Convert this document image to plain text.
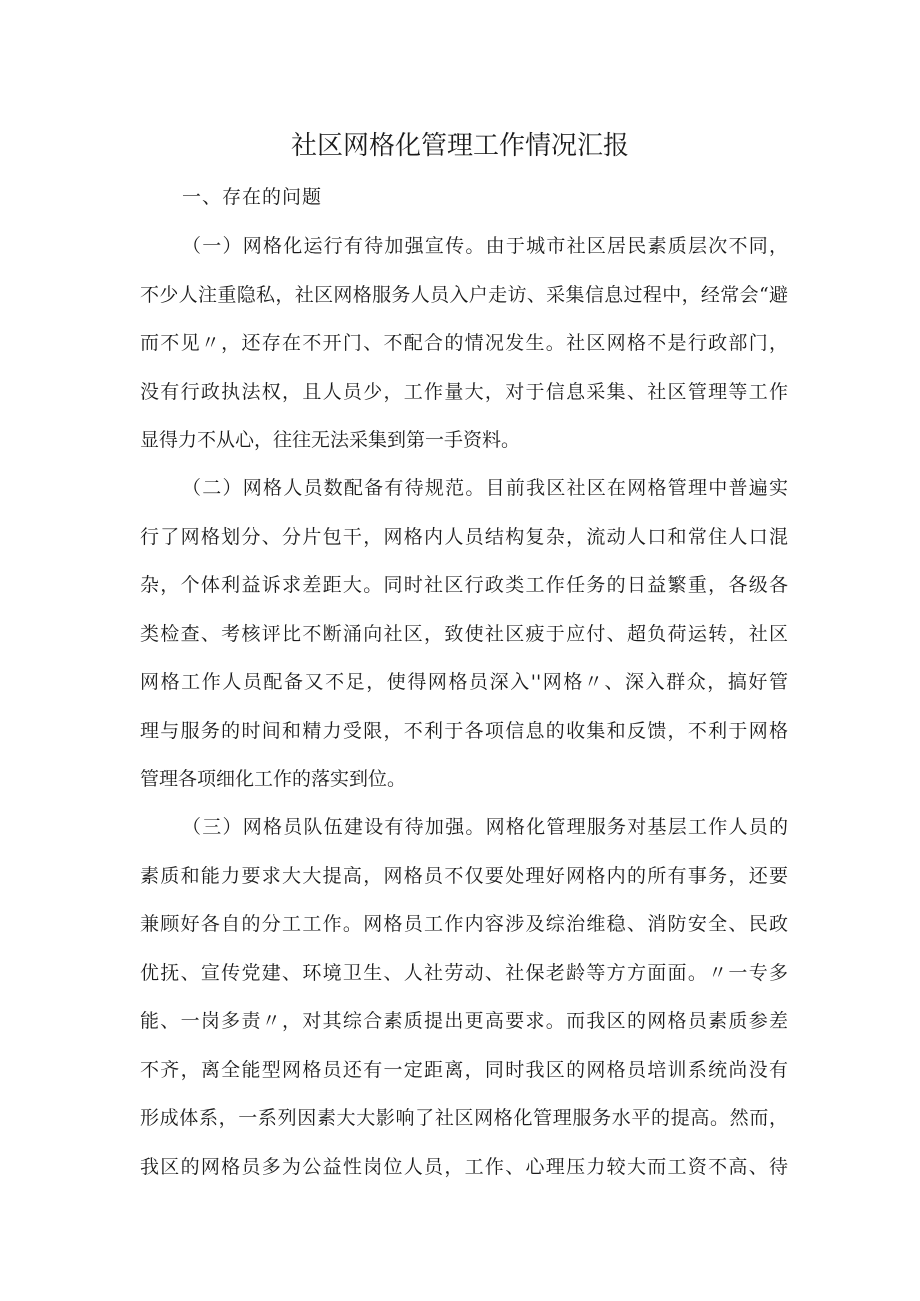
社区网格化管理工作情况汇报
一、存在的问题
（一）网格化运行有待加强宣传。由于城市社区居民素质层次不同，
不少人注重隐私，社区网格服务人员入户走访、采集信息过程中，经常会“避
而不见〃，还存在不开门、不配合的情况发生。社区网格不是行政部门，
没有行政执法权，且人员少，工作量大，对于信息采集、社区管理等工作
显得力不从心，往往无法采集到第一手资料。
（二）网格人员数配备有待规范。目前我区社区在网格管理中普遍实
行了网格划分、分片包干，网格内人员结构复杂，流动人口和常住人口混
杂，个体利益诉求差距大。同时社区行政类工作任务的日益繁重，各级各
类检查、考核评比不断涌向社区，致使社区疲于应付、超负荷运转，社区
网格工作人员配备又不足，使得网格员深入''网格〃、深入群众，搞好管
理与服务的时间和精力受限，不利于各项信息的收集和反馈，不利于网格
管理各项细化工作的落实到位。
（三）网格员队伍建设有待加强。网格化管理服务对基层工作人员的
素质和能力要求大大提高，网格员不仅要处理好网格内的所有事务，还要
兼顾好各自的分工工作。网格员工作内容涉及综治维稳、消防安全、民政
优抚、宣传党建、环境卫生、人社劳动、社保老龄等方方面面。〃一专多
能、一岗多责〃，对其综合素质提出更高要求。而我区的网格员素质参差
不齐，离全能型网格员还有一定距离，同时我区的网格员培训系统尚没有
形成体系，一系列因素大大影响了社区网格化管理服务水平的提高。然而，
我区的网格员多为公益性岗位人员，工作、心理压力较大而工资不高、待
